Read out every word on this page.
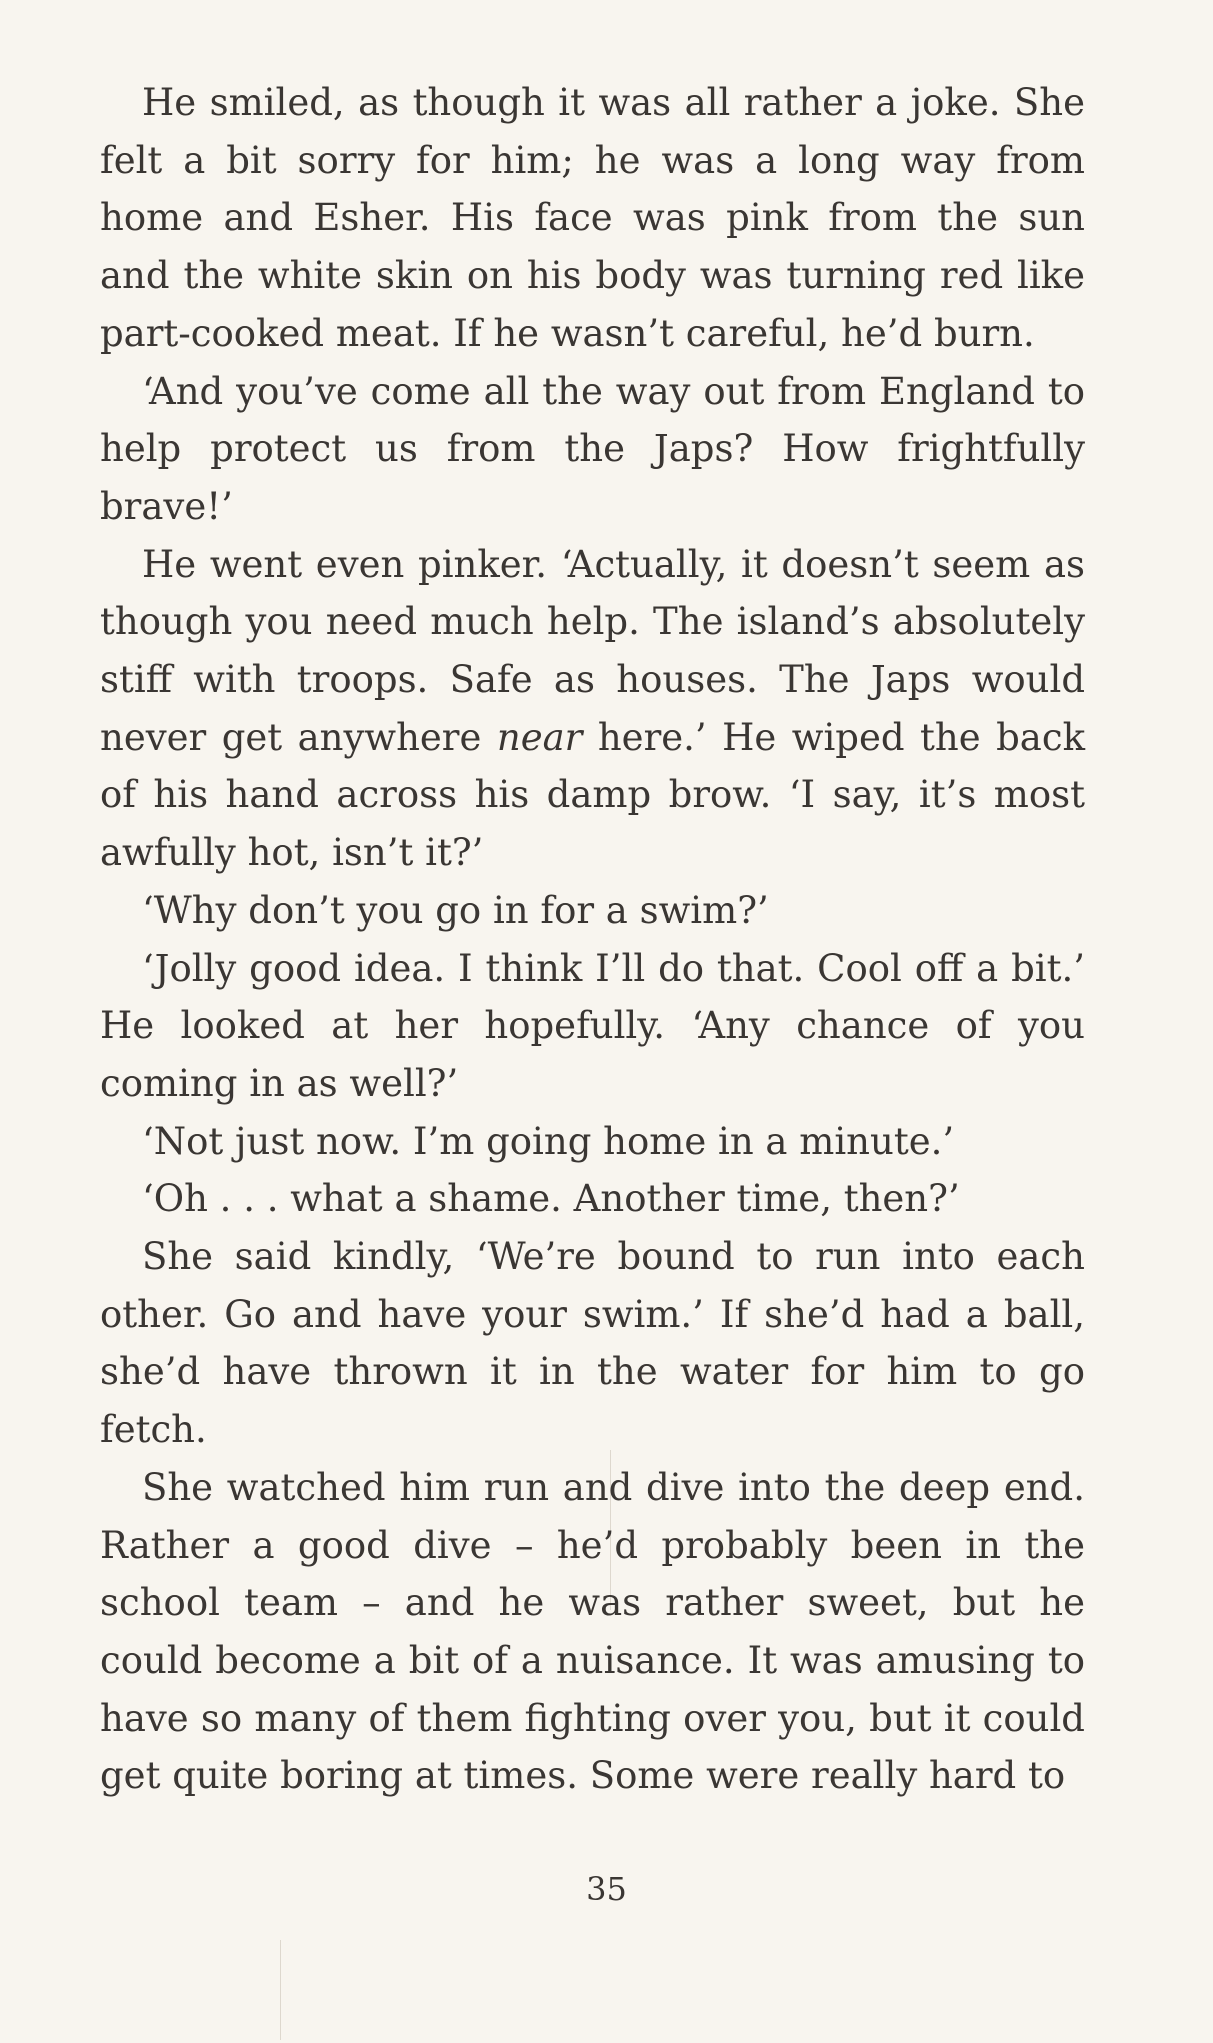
He smiled, as though it was all rather a joke. She felt a bit sorry for him; he was a long way from home and Esher. His face was pink from the sun and the white skin on his body was turning red like part-cooked meat. If he wasn’t careful, he’d burn.

‘And you’ve come all the way out from England to help protect us from the Japs? How frightfully brave!’

He went even pinker. ‘Actually, it doesn’t seem as though you need much help. The island’s absolutely stiff with troops. Safe as houses. The Japs would never get anywhere near here.’ He wiped the back of his hand across his damp brow. ‘I say, it’s most awfully hot, isn’t it?’

‘Why don’t you go in for a swim?’

‘Jolly good idea. I think I’ll do that. Cool off a bit.’ He looked at her hopefully. ‘Any chance of you coming in as well?’

‘Not just now. I’m going home in a minute.’

‘Oh . . . what a shame. Another time, then?’

She said kindly, ‘We’re bound to run into each other. Go and have your swim.’ If she’d had a ball, she’d have thrown it in the water for him to go fetch.

She watched him run and dive into the deep end. Rather a good dive – he’d probably been in the school team – and he was rather sweet, but he could become a bit of a nuisance. It was amusing to have so many of them fighting over you, but it could get quite boring at times. Some were really hard to

35
